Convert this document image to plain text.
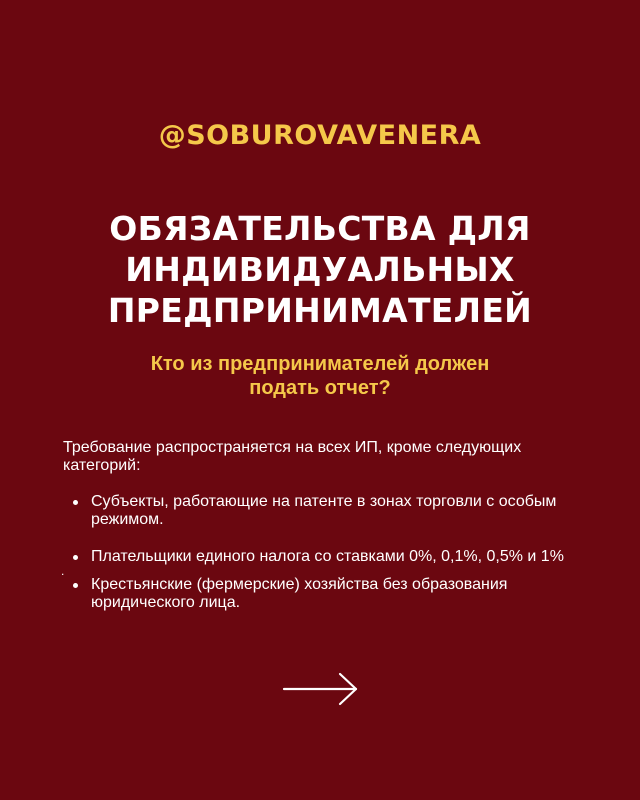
@SOBUROVAVENERA
ОБЯЗАТЕЛЬСТВА ДЛЯ
ИНДИВИДУАЛЬНЫХ
ПРЕДПРИНИМАТЕЛЕЙ
Кто из предпринимателей должен
подать отчет?
Требование распространяется на всех ИП, кроме следующих категорий:
Субъекты, работающие на патенте в зонах торговли с особым режимом.
Плательщики единого налога со ставками 0%, 0,1%, 0,5% и 1%
.
Крестьянские (фермерские) хозяйства без образования юридического лица.
